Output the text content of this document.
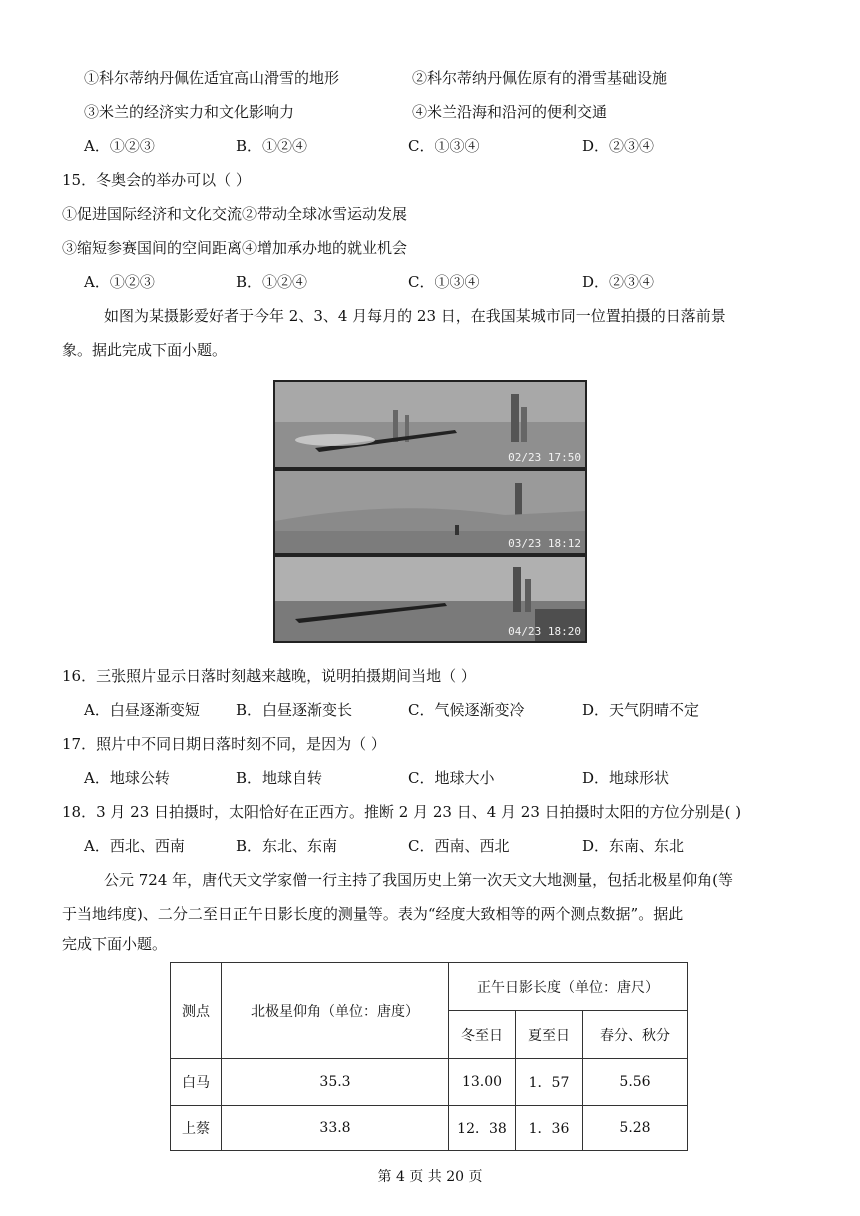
①科尔蒂纳丹佩佐适宜高山滑雪的地形	②科尔蒂纳丹佩佐原有的滑雪基础设施
③米兰的经济实力和文化影响力	④米兰沿海和沿河的便利交通
A．①②③	B．①②④	C．①③④	D．②③④
15．冬奥会的举办可以（ ）
①促进国际经济和文化交流②带动全球冰雪运动发展
③缩短参赛国间的空间距离④增加承办地的就业机会
A．①②③	B．①②④	C．①③④	D．②③④
如图为某摄影爱好者于今年 2、3、4 月每月的 23 日，在我国某城市同一位置拍摄的日落前景
象。据此完成下面小题。
02/23 17:50
03/23 18:12
04/23 18:20
16．三张照片显示日落时刻越来越晚，说明拍摄期间当地（ ）
A．白昼逐渐变短 B．白昼逐渐变长	C．气候逐渐变冷	D．天气阴晴不定
17．照片中不同日期日落时刻不同，是因为（ ）
A．地球公转	B．地球自转	C．地球大小	D．地球形状
18．3 月 23 日拍摄时，太阳恰好在正西方。推断 2 月 23 日、4 月 23 日拍摄时太阳的方位分别是( )
A．西北、西南	B．东北、东南	C．西南、西北	D．东南、东北
公元 724 年，唐代天文学家僧一行主持了我国历史上第一次天文大地测量，包括北极星仰角(等
于当地纬度)、二分二至日正午日影长度的测量等。表为“经度大致相等的两个测点数据”。据此
完成下面小题。
测点	北极星仰角（单位：唐度）	正午日影长度（单位：唐尺）		
		冬至日	夏至日	春分、秋分
白马	35.3	13.00	1．57	5.56
上蔡	33.8	12．38	1．36	5.28
第 4 页 共 20 页
